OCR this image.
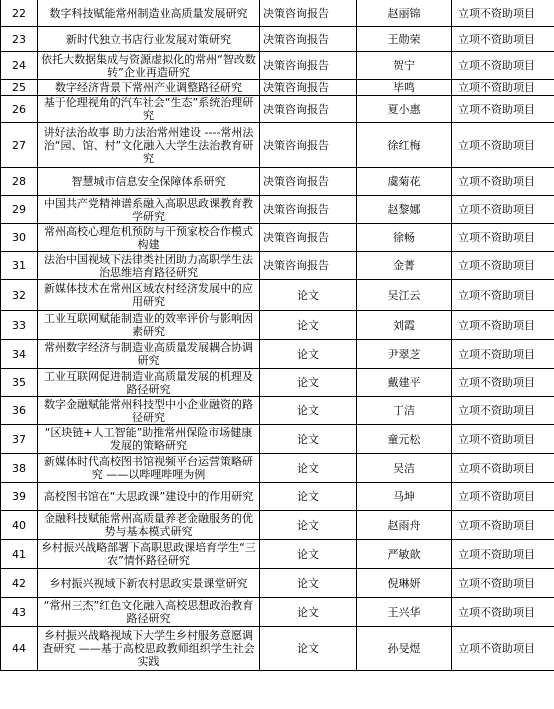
22	数字科技赋能常州制造业高质量发展研究	决策咨询报告	赵丽锦	立项不资助项目
23	新时代独立书店行业发展对策研究	决策咨询报告	王勋荣	立项不资助项目
24	依托大数据集成与资源虚拟化的常州“智改数转”企业再造研究	决策咨询报告	贺宁	立项不资助项目
25	数字经济背景下常州产业调整路径研究	决策咨询报告	毕鸣	立项不资助项目
26	基于伦理视角的汽车社会“生态”系统治理研究	决策咨询报告	夏小惠	立项不资助项目
27	讲好法治故事 助力法治常州建设 ----常州法治“园、馆、村”文化融入大学生法治教育研究	决策咨询报告	徐红梅	立项不资助项目
28	智慧城市信息安全保障体系研究	决策咨询报告	虞菊花	立项不资助项目
29	中国共产党精神谱系融入高职思政课教育教学研究	决策咨询报告	赵黎娜	立项不资助项目
30	常州高校心理危机预防与干预家校合作模式构建	决策咨询报告	徐畅	立项不资助项目
31	法治中国视域下法律类社团助力高职学生法治思维培育路径研究	决策咨询报告	金菁	立项不资助项目
32	新媒体技术在常州区域农村经济发展中的应用研究	论文	吴江云	立项不资助项目
33	工业互联网赋能制造业的效率评价与影响因素研究	论文	刘霞	立项不资助项目
34	常州数字经济与制造业高质量发展耦合协调研究	论文	尹翠芝	立项不资助项目
35	工业互联网促进制造业高质量发展的机理及路径研究	论文	戴建平	立项不资助项目
36	数字金融赋能常州科技型中小企业融资的路径研究	论文	丁洁	立项不资助项目
37	“区块链+人工智能”助推常州保险市场健康发展的策略研究	论文	童元松	立项不资助项目
38	新媒体时代高校图书馆视频平台运营策略研究 ——以哔哩哔哩为例	论文	吴洁	立项不资助项目
39	高校图书馆在“大思政课”建设中的作用研究	论文	马坤	立项不资助项目
40	金融科技赋能常州高质量养老金融服务的优势与基本模式研究	论文	赵雨舟	立项不资助项目
41	乡村振兴战略部署下高职思政课培育学生“三农”情怀路径研究	论文	严敏歆	立项不资助项目
42	乡村振兴视域下新农村思政实景课堂研究	论文	倪琳妍	立项不资助项目
43	“常州三杰”红色文化融入高校思想政治教育路径研究	论文	王兴华	立项不资助项目
44	乡村振兴战略视域下大学生乡村服务意愿调查研究 ——基于高校思政教师组织学生社会实践	论文	孙旻煜	立项不资助项目
